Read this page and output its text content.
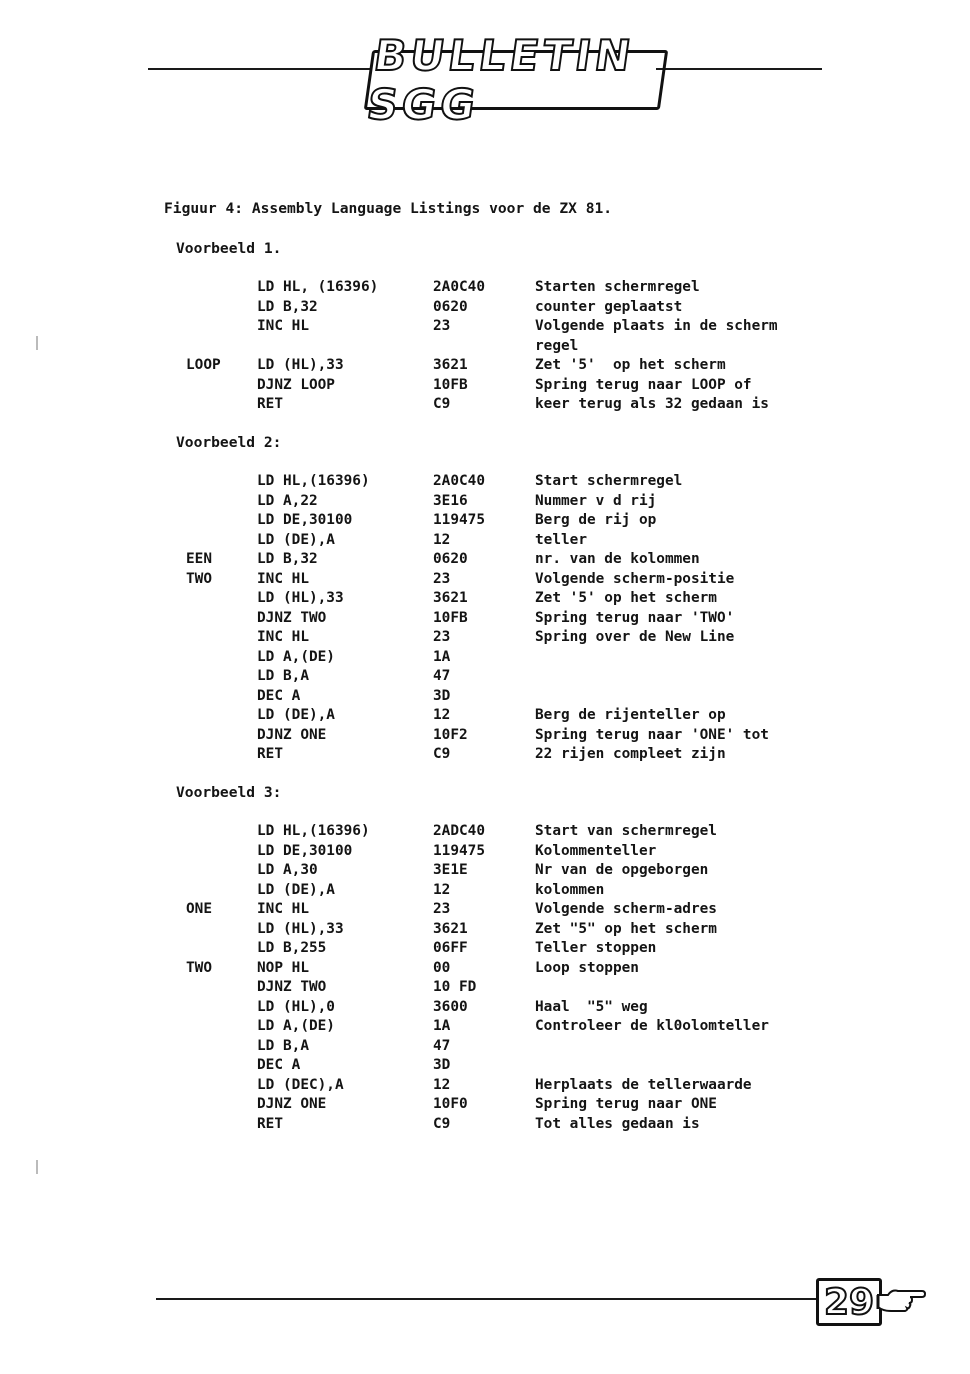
BULLETIN SGG
Figuur 4: Assembly Language Listings voor de ZX 81.
Voorbeeld 1.
LD HL, (16396)	2A0C40	Starten schermregel
LD B,32	0620	counter geplaatst
INC HL	23	Volgende plaats in de scherm
regel
LOOP	LD (HL),33	3621	Zet '5'  op het scherm
DJNZ LOOP	10FB	Spring terug naar LOOP of
RET	C9	keer terug als 32 gedaan is
Voorbeeld 2:
LD HL,(16396)	2A0C40	Start schermregel
LD A,22	3E16	Nummer v d rij
LD DE,30100	119475	Berg de rij op
LD (DE),A	12	teller
EEN	LD B,32	0620	nr. van de kolommen
TWO	INC HL	23	Volgende scherm-positie
LD (HL),33	3621	Zet '5' op het scherm
DJNZ TWO	10FB	Spring terug naar 'TWO'
INC HL	23	Spring over de New Line
LD A,(DE)	1A
LD B,A	47
DEC A	3D
LD (DE),A	12	Berg de rijenteller op
DJNZ ONE	10F2	Spring terug naar 'ONE' tot
RET	C9	22 rijen compleet zijn
Voorbeeld 3:
LD HL,(16396)	2ADC40	Start van schermregel
LD DE,30100	119475	Kolommenteller
LD A,30	3E1E	Nr van de opgeborgen
LD (DE),A	12	kolommen
ONE	INC HL	23	Volgende scherm-adres
LD (HL),33	3621	Zet "5" op het scherm
LD B,255	06FF	Teller stoppen
TWO	NOP HL	00	Loop stoppen
DJNZ TWO	10 FD
LD (HL),0	3600	Haal  "5" weg
LD A,(DE)	1A	Controleer de kl0olomteller
LD B,A	47
DEC A	3D
LD (DEC),A	12	Herplaats de tellerwaarde
DJNZ ONE	10F0	Spring terug naar ONE
RET	C9	Tot alles gedaan is
29
